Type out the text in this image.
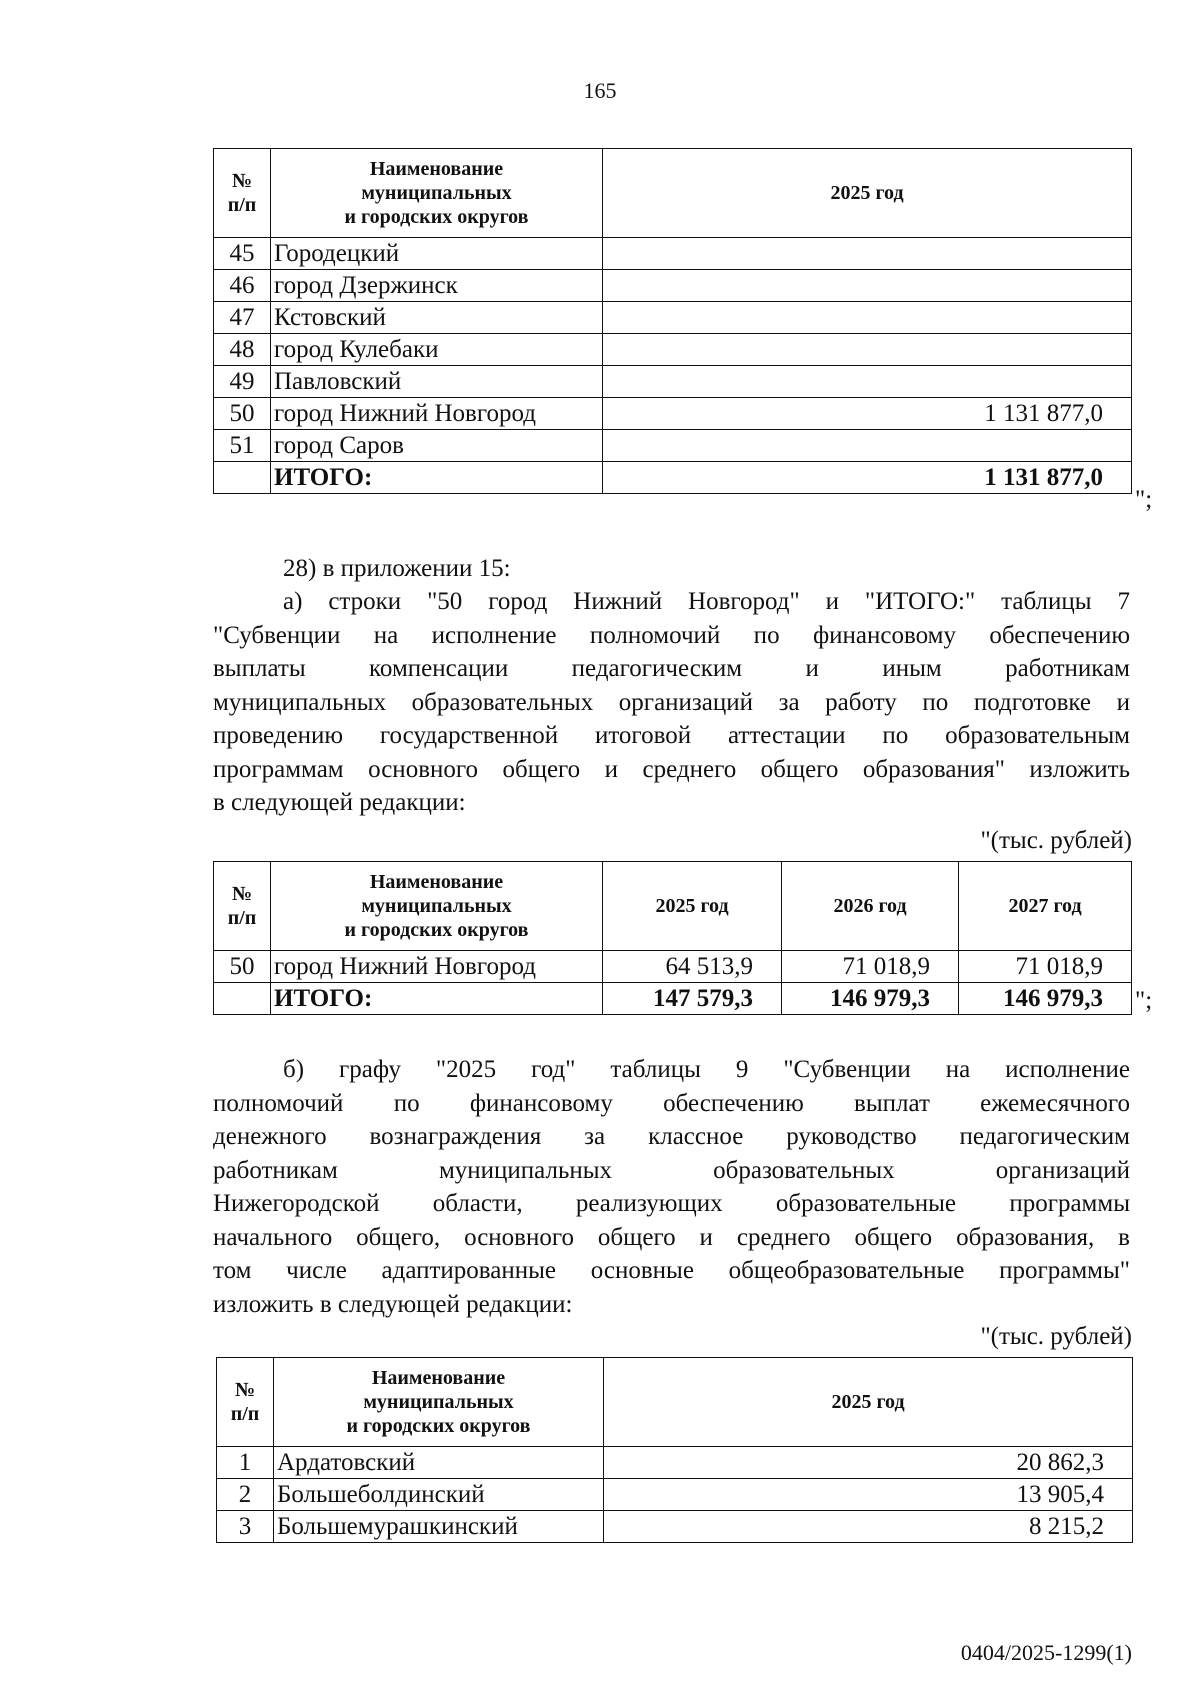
165
№
п/п	Наименование
муниципальных
и городских округов	2025 год
45	Городецкий	
46	город Дзержинск	
47	Кстовский	
48	город Кулебаки	
49	Павловский	
50	город Нижний Новгород	1 131 877,0
51	город Саров	
	ИТОГО:	1 131 877,0
";

28) в приложении 15:

а) строки "50 город Нижний Новгород" и "ИТОГО:" таблицы 7
"Субвенции на исполнение полномочий по финансовому обеспечению
выплаты компенсации педагогическим и иным работникам
муниципальных образовательных организаций за работу по подготовке и
проведению государственной итоговой аттестации по образовательным
программам основного общего и среднего общего образования" изложить
в следующей редакции:
"(тыс. рублей)
№
п/п	Наименование
муниципальных
и городских округов	2025 год	2026 год	2027 год
50	город Нижний Новгород	64 513,9	71 018,9	71 018,9
	ИТОГО:	147 579,3	146 979,3	146 979,3 ";
б) графу "2025 год" таблицы 9 "Субвенции на исполнение
полномочий по финансовому обеспечению выплат ежемесячного
денежного вознаграждения за классное руководство педагогическим
работникам муниципальных образовательных организаций
Нижегородской области, реализующих образовательные программы
начального общего, основного общего и среднего общего образования, в
том числе адаптированные основные общеобразовательные программы"
изложить в следующей редакции:
"(тыс. рублей)
№
п/п	Наименование
муниципальных
и городских округов	2025 год
1	Ардатовский	20 862,3
2	Большеболдинский	13 905,4
3	Большемурашкинский	8 215,2
0404/2025-1299(1)
